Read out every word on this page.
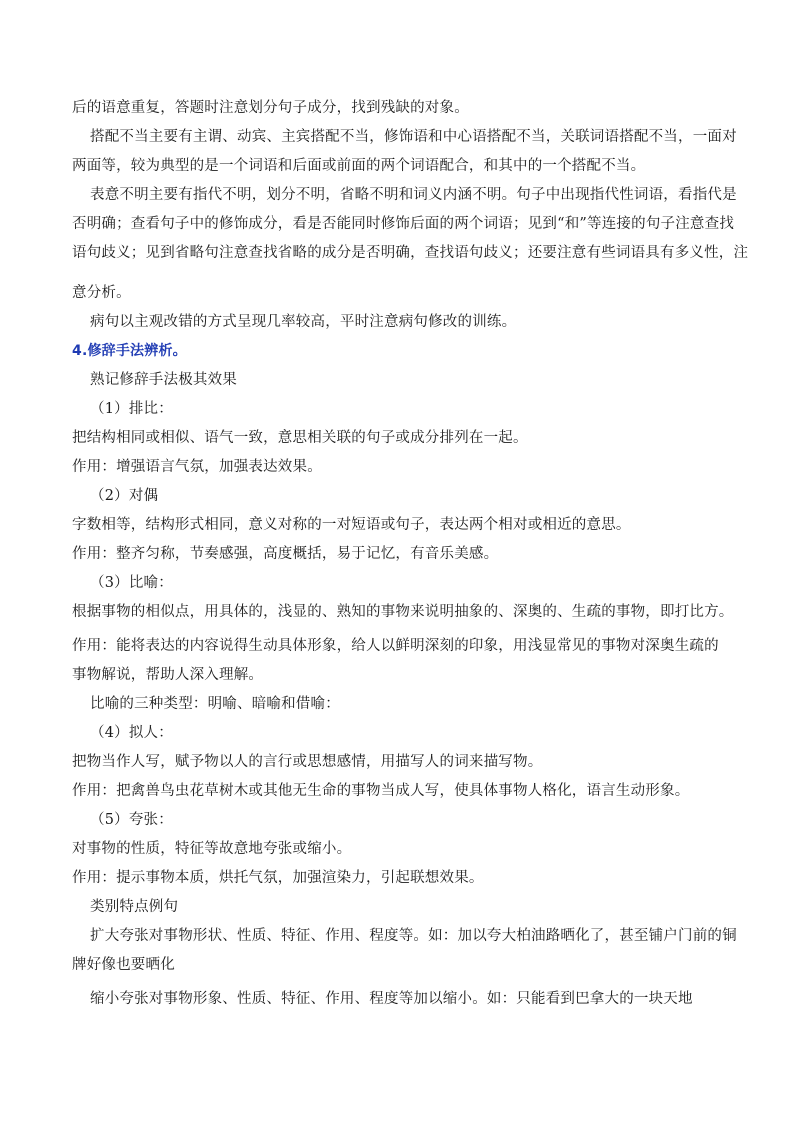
后的语意重复，答题时注意划分句子成分，找到残缺的对象。
搭配不当主要有主谓、动宾、主宾搭配不当，修饰语和中心语搭配不当，关联词语搭配不当，一面对
两面等，较为典型的是一个词语和后面或前面的两个词语配合，和其中的一个搭配不当。
表意不明主要有指代不明，划分不明，省略不明和词义内涵不明。句子中出现指代性词语，看指代是
否明确；查看句子中的修饰成分，看是否能同时修饰后面的两个词语；见到“和”等连接的句子注意查找
语句歧义；见到省略句注意查找省略的成分是否明确，查找语句歧义；还要注意有些词语具有多义性，注
意分析。
病句以主观改错的方式呈现几率较高，平时注意病句修改的训练。
4.修辞手法辨析。
熟记修辞手法极其效果
（1）排比：
把结构相同或相似、语气一致，意思相关联的句子或成分排列在一起。
作用：增强语言气氛，加强表达效果。
（2）对偶
字数相等，结构形式相同，意义对称的一对短语或句子，表达两个相对或相近的意思。
作用：整齐匀称，节奏感强，高度概括，易于记忆，有音乐美感。
（3）比喻：
根据事物的相似点，用具体的，浅显的、熟知的事物来说明抽象的、深奥的、生疏的事物，即打比方。
作用：能将表达的内容说得生动具体形象，给人以鲜明深刻的印象，用浅显常见的事物对深奥生疏的
事物解说，帮助人深入理解。
比喻的三种类型：明喻、暗喻和借喻：
（4）拟人：
把物当作人写，赋予物以人的言行或思想感情，用描写人的词来描写物。
作用：把禽兽鸟虫花草树木或其他无生命的事物当成人写，使具体事物人格化，语言生动形象。
（5）夸张：
对事物的性质，特征等故意地夸张或缩小。
作用：提示事物本质，烘托气氛，加强渲染力，引起联想效果。
类别特点例句
扩大夸张对事物形状、性质、特征、作用、程度等。如：加以夸大柏油路晒化了，甚至铺户门前的铜
牌好像也要晒化
缩小夸张对事物形象、性质、特征、作用、程度等加以缩小。如：只能看到巴拿大的一块天地
